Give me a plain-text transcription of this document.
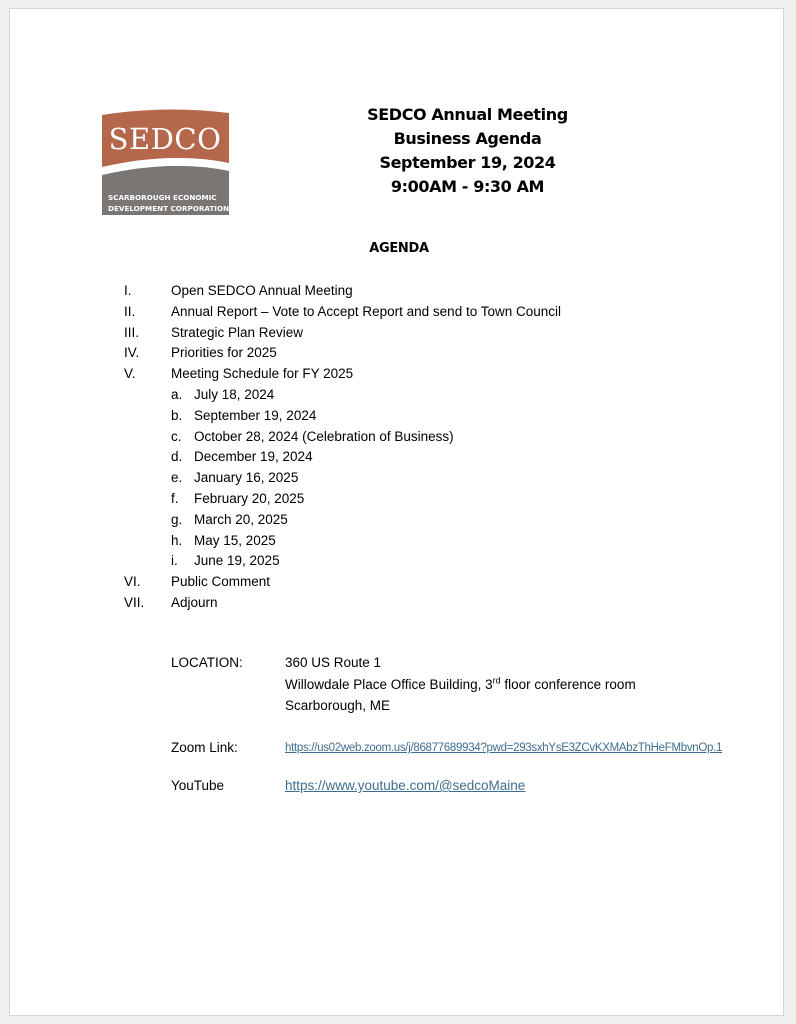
SEDCO
SCARBOROUGH ECONOMIC
DEVELOPMENT CORPORATION
SEDCO Annual Meeting
Business Agenda
September 19, 2024
9:00AM - 9:30 AM
AGENDA
I.	Open SEDCO Annual Meeting
II.	Annual Report – Vote to Accept Report and send to Town Council
III. Strategic Plan Review
IV. Priorities for 2025
V.	Meeting Schedule for FY 2025
a. July 18, 2024
b. September 19, 2024
c. October 28, 2024 (Celebration of Business)
d. December 19, 2024
e. January 16, 2025
f. February 20, 2025
g. March 20, 2025
h. May 15, 2025
i. June 19, 2025
VI. Public Comment
VII. Adjourn
LOCATION:	360 US Route 1
Willowdale Place Office Building, 3rd floor conference room
Scarborough, ME
Zoom Link:	https://us02web.zoom.us/j/86877689934?pwd=293sxhYsE3ZCvKXMAbzThHeFMbvnOp.1
YouTube	https://www.youtube.com/@sedcoMaine
